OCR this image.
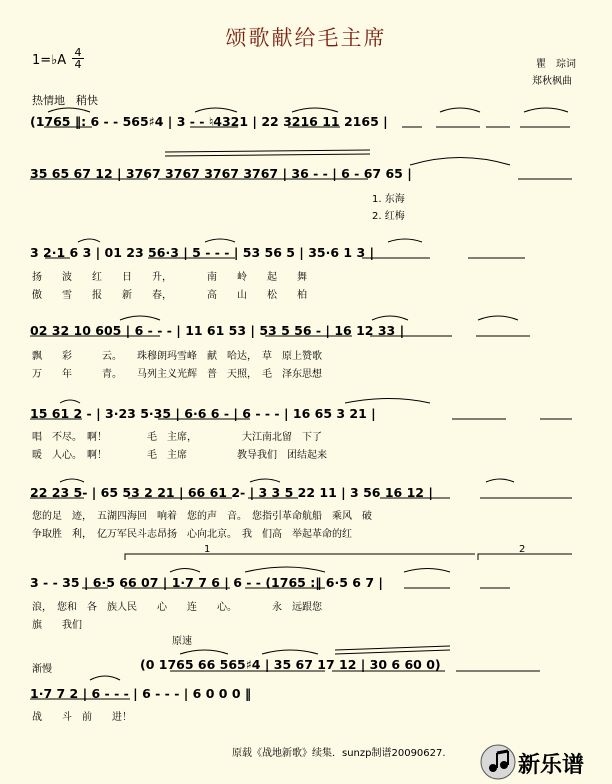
颂歌献给毛主席
1=♭A
4
4	瞿　琮词
郑秋枫曲
热情地　稍快
(1765 ‖: 6 - - 565♯4 | 3 - - ♮4321 | 22 3216 11 2165 |
35 65 67 12 | 3767 3767 3767 3767 | 36 - - | 6 - 67 65 |
1. 东海
2. 红梅
3 2·1 6 3 | 01 23 56·3 | 5 - - - | 53 56 5 | 35·6 1 3 |
扬　　波　　红　　日　　升，　　　　南　　岭　　起　　舞
傲　　雪　　报　　新　　春，　　　　高　　山　　松　　柏
02 32 10 605 | 6 - - - | 11 61 53 | 53 5 56 - | 16 12 33 |
飘　　彩　　　云。　　珠穆朗玛雪峰　献　哈达，　草　原上赞歌
万　　年　　　青。　　马列主义光辉　普　天照，　毛　泽东思想
15 61 2 - | 3·23 5·35 | 6·6 6 - | 6 - - - | 16 65 3 21 |
唱　不尽。　啊！　　　　毛　主席，　　　　　大江南北留　下了
暖　人心。　啊！　　　　毛　主席　　　　　教导我们　团结起来
22 23 5- | 65 53 2 21 | 66 61 2- | 3 3 5 22 11 | 3 56 16 12 |
您的足　迹，　五湖四海回　响着　您的声　音。　您指引革命航船　乘风　破
争取胜　利，　亿万军民斗志昂扬　心向北京。　我　们高　举起革命的红
1	2
3 - - 35 | 6·5 66 07 | 1·7 7 6 | 6 - - (1765 :‖ 6·5 6 7 |
浪，　您和　各　族人民　　心　　连　　心。　　　　永　远跟您
旗　　我们
原速
渐慢	(0 1765 66 565♯4 | 35 67 17 12 | 30 6 60 0)
1·7 7 2 | 6 - - - | 6 - - - | 6 0 0 0 ‖
战　　斗　前　　进！
原载《战地新歌》续集．sunzp制谱20090627.	新乐谱
